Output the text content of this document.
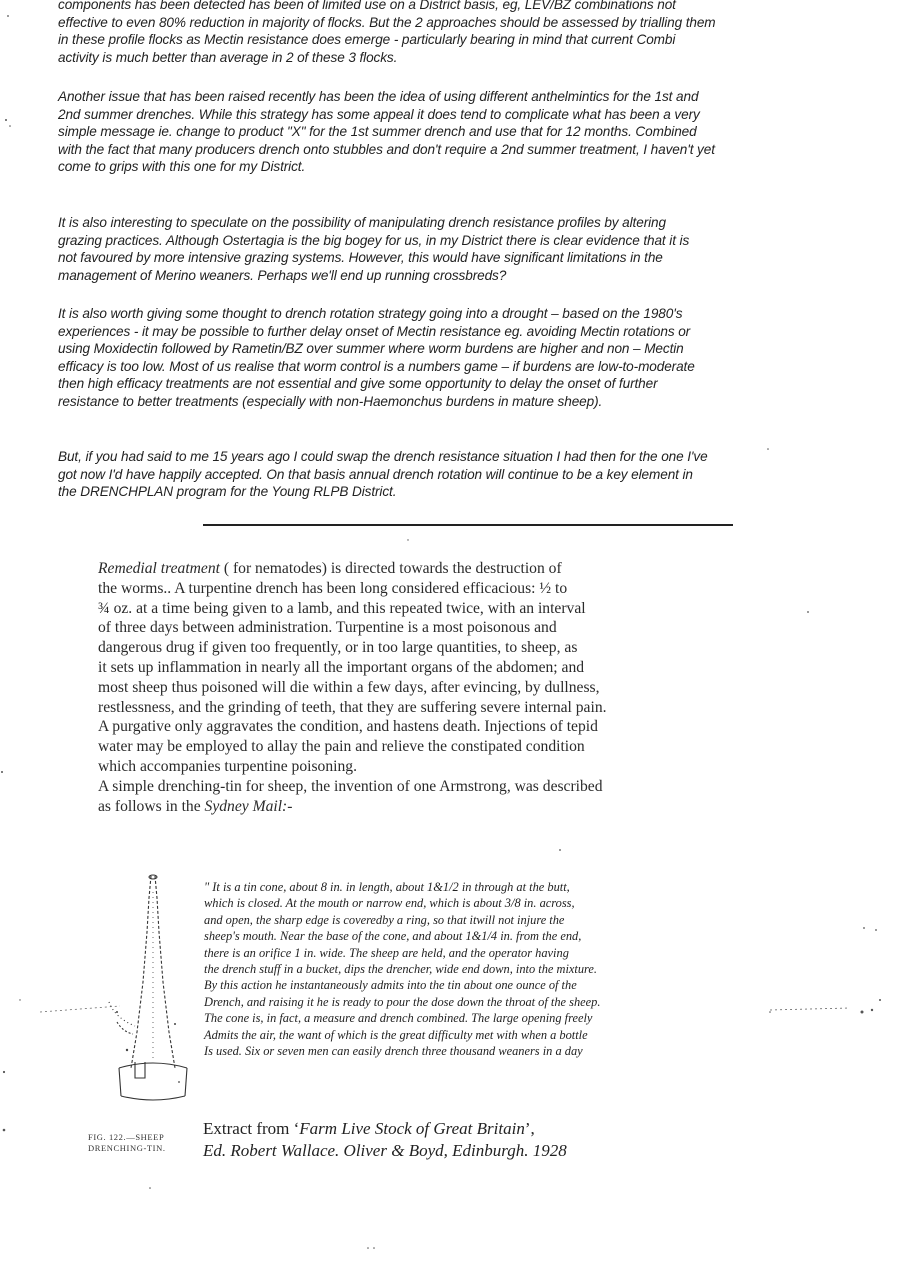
components has been detected has been of limited use on a District basis, eg, LEV/BZ combinations not

effective to even 80% reduction in majority of flocks. But the 2 approaches should be assessed by trialling them

in these profile flocks as Mectin resistance does emerge - particularly bearing in mind that current Combi

activity is much better than average in 2 of these 3 flocks.

Another issue that has been raised recently has been the idea of using different anthelmintics for the 1st and

2nd summer drenches. While this strategy has some appeal it does tend to complicate what has been a very

simple message ie. change to product "X" for the 1st summer drench and use that for 12 months. Combined

with the fact that many producers drench onto stubbles and don't require a 2nd summer treatment, I haven't yet

come to grips with this one for my District.

It is also interesting to speculate on the possibility of manipulating drench resistance profiles by altering

grazing practices. Although Ostertagia is the big bogey for us, in my District there is clear evidence that it is

not favoured by more intensive grazing systems. However, this would have significant limitations in the

management of Merino weaners. Perhaps we'll end up running crossbreds?

It is also worth giving some thought to drench rotation strategy going into a drought – based on the 1980's

experiences - it may be possible to further delay onset of Mectin resistance eg. avoiding Mectin rotations or

using Moxidectin followed by Rametin/BZ over summer where worm burdens are higher and non – Mectin

efficacy is too low. Most of us realise that worm control is a numbers game – if burdens are low-to-moderate

then high efficacy treatments are not essential and give some opportunity to delay the onset of further

resistance to better treatments (especially with non-Haemonchus burdens in mature sheep).

But, if you had said to me 15 years ago I could swap the drench resistance situation I had then for the one I've

got now I'd have happily accepted. On that basis annual drench rotation will continue to be a key element in

the DRENCHPLAN program for the Young RLPB District.

Remedial treatment ( for nematodes) is directed towards the destruction of

the worms.. A turpentine drench has been long considered efficacious: ½ to

¾ oz. at a time being given to a lamb, and this repeated twice, with an interval

of three days between administration. Turpentine is a most poisonous and

dangerous drug if given too frequently, or in too large quantities, to sheep, as

it sets up inflammation in nearly all the important organs of the abdomen; and

most sheep thus poisoned will die within a few days, after evincing, by dullness,

restlessness, and the grinding of teeth, that they are suffering severe internal pain.

A purgative only aggravates the condition, and hastens death. Injections of tepid

water may be employed to allay the pain and relieve the constipated condition

which accompanies turpentine poisoning.

A simple drenching-tin for sheep, the invention of one Armstrong, was described

as follows in the Sydney Mail:-

" It is a tin cone, about 8 in. in length, about 1&1/2 in through at the butt,
which is closed. At the mouth or narrow end, which is about 3/8 in. across,
and open, the sharp edge is coveredby a ring, so that itwill not injure the
sheep's mouth. Near the base of the cone, and about 1&1/4 in. from the end,
there is an orifice 1 in. wide. The sheep are held, and the operator having
the drench stuff in a bucket, dips the drencher, wide end down, into the mixture.
By this action he instantaneously admits into the tin about one ounce of the
Drench, and raising it he is ready to pour the dose down the throat of the sheep.
The cone is, in fact, a measure and drench combined. The large opening freely
Admits the air, the want of which is the great difficulty met with when a bottle
Is used. Six or seven men can easily drench three thousand weaners in a day
FIG. 122.—SHEEP
DRENCHING-TIN.
Extract from ‘Farm Live Stock of Great Britain’,
Ed. Robert Wallace. Oliver & Boyd, Edinburgh. 1928
